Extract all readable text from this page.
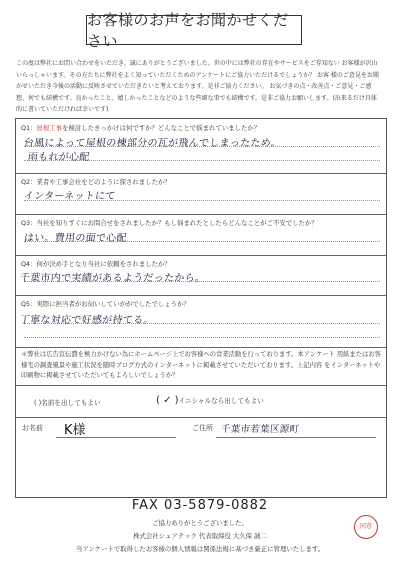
お客様のお声をお聞かせください
この度は弊社にお問い合わせをいただき、誠にありがとうございました。世の中には弊社の存在やサービスをご存知ない お客様が沢山いらっしゃいます。その方たちに弊社をよく知っていただくためのアンケートにご協力いただけるでしょうか？ お客 様のご意見をお聞かせいただき今後の活動に反映させていただきたいと考えております。是非ご協力ください。 お気づきの点・改善点・ご意見・ご感想、何でも結構です。良かったこと、嬉しかったことなどのような些細な事でも結構です。是非ご協力お願いします。(出来るだけ具体的に書いていただければ幸いです)
Q1：屋根工事を検討したきっかけは何ですか？どんなことで悩まれていましたか？
台風によって屋根の棟部分の瓦が飛んでしまったため。
雨もれが心配
Q2：業者や工事会社をどのように探されましたか？
インターネットにて
Q3：当社を知りすぐにお問合せをされましたか？もし悩まれたとしたらどんなことがご不安でしたか？
はい。費用の面で心配
Q4：何が決め手となり当社に依頼をされましたか？
千葉市内で実績があるようだったから。
Q5：実際に担当者がお伺いしていかがでしたでしょうか？
丁寧な対応で好感が持てる。
＊弊社は広告宣伝費を極力かけない為にホームページ上でお客様への営業活動を行っております。本アンケート 用紙またはお客様宅の調査風景や施工状況を随時ブログ方式のインターネットに掲載させていただいております。上記内容 をインターネットや印刷物に掲載させていただいてもよろしいでしょうか？
( )名前を出してもよい	( ✓ )イニシャルなら出してもよい
お名前 K様	ご住所 千葉市若葉区源町
FAX 03-5879-0882
ご協力ありがとうございました。
株式会社シュアテック 代表取締役 大久保 誠二
当アンケートで取得したお客様の個人情報は関係法規に基づき厳正に管理いたします。
同意
